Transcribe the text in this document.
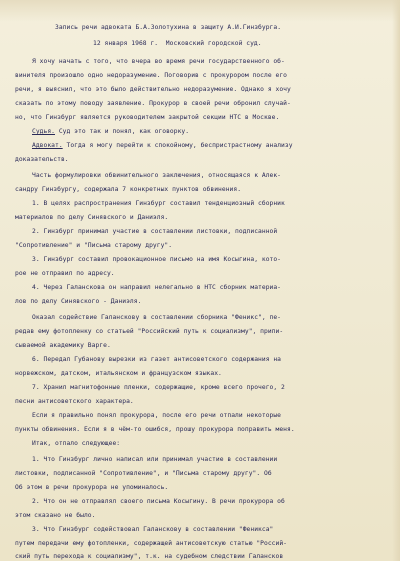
Запись речи адвоката Б.А.Золотухина в защиту А.И.Гинзбурга.
12 января 1968 г.  Московский городской суд.
Я хочу начать с того, что вчера во время речи государственного об-
винителя произошло одно недоразумение. Поговорив с прокурором после его
речи, я выяснил, что это было действительно недоразумение. Однако я хочу
сказать по этому поводу заявление. Прокурор в своей речи обронил случай-
но, что Гинзбург является руководителем закрытой секции НТС в Москве.
Судья. Суд это так и понял, как оговорку.
Адвокат. Тогда я могу перейти к спокойному, беспристрастному анализу
доказательств.
Часть формулировки обвинительного заключения, относящаяся к Алек-
сандру Гинзбургу, содержала 7 конкретных пунктов обвинения.
1. В целях распространения Гинзбург составил тенденциозный сборник
материалов по делу Синявского и Даниэля.
2. Гинзбург принимал участие в составлении листовки, подписанной
"Сопротивление" и "Письма старому другу".
3. Гинзбург составил провокационное письмо на имя Косыгина, кото-
рое не отправил по адресу.
4. Через Галанскова он направил нелегально в НТС сборник материа-
лов по делу Синявского - Даниэля.
Оказал содействие Галанскову в составлении сборника "Феникс", пе-
редав ему фотопленку со статьей "Российский путь к социализму", припи-
сываемой академику Варге.
6. Передал Губанову вырезки из газет антисоветского содержания на
норвежском, датском, итальянском и французском языках.
7. Хранил магнитофонные пленки, содержащие, кроме всего прочего, 2
песни антисоветского характера.
Если я правильно понял прокурора, после его речи отпали некоторые
пункты обвинения. Если я в чём-то ошибся, прошу прокурора поправить меня.
Итак, отпало следующее:
1. Что Гинзбург лично написал или принимал участие в составлении
листовки, подписанной "Сопротивление", и "Письма старому другу". Об
Об этом в речи прокурора не упоминалось.
2. Что он не отправлял своего письма Косыгину. В речи прокурора об
этом сказано не было.
3. Что Гинзбург содействовал Галанскову в составлении "Феникса"
путем передачи ему фотопленки, содержащей антисоветскую статью "Россий-
ский путь перехода к социализму", т.к. на судебном следствии Галансков
